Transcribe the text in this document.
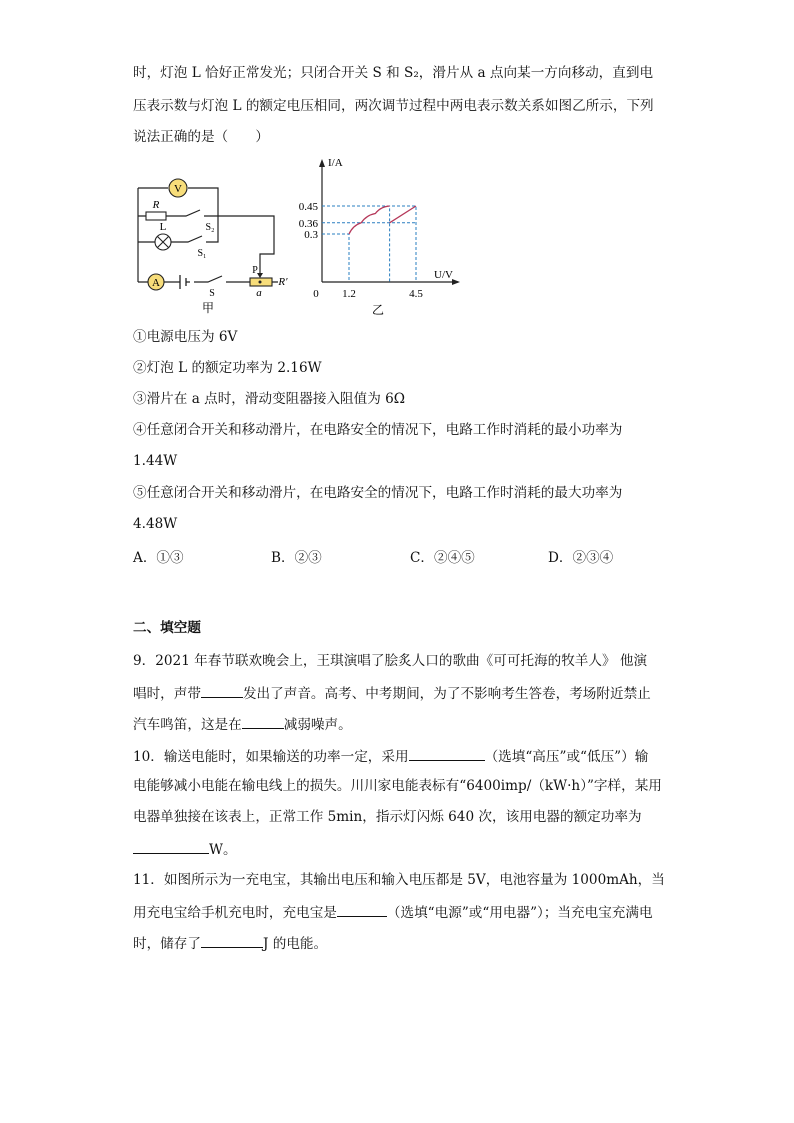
时，灯泡 L 恰好正常发光；只闭合开关 S 和 S₂，滑片从 a 点向某一方向移动，直到电
压表示数与灯泡 L 的额定电压相同，两次调节过程中两电表示数关系如图乙所示，下列
说法正确的是（　　）
V
R
S₂
L
S₁
A
S
P
a
R′
甲
I/A
U/V
0.45
0.36
0.3
0 1.2	4.5
乙
①电源电压为 6V
②灯泡 L 的额定功率为 2.16W
③滑片在 a 点时，滑动变阻器接入阻值为 6Ω
④任意闭合开关和移动滑片，在电路安全的情况下，电路工作时消耗的最小功率为
1.44W
⑤任意闭合开关和移动滑片，在电路安全的情况下，电路工作时消耗的最大功率为
4.48W
A．①③	B．②③	C．②④⑤	D．②③④
二、填空题
9．2021 年春节联欢晚会上，王琪演唱了脍炙人口的歌曲《可可托海的牧羊人》 他演
唱时，声带	发出了声音。高考、中考期间，为了不影响考生答卷，考场附近禁止
汽车鸣笛，这是在	减弱噪声。
10．输送电能时，如果输送的功率一定，采用	（选填“高压”或“低压”）输
电能够减小电能在输电线上的损失。川川家电能表标有“6400imp/（kW·h）”字样，某用
电器单独接在该表上，正常工作 5min，指示灯闪烁 640 次，该用电器的额定功率为
W。
11．如图所示为一充电宝，其输出电压和输入电压都是 5V，电池容量为 1000mAh，当
用充电宝给手机充电时，充电宝是	（选填“电源”或“用电器”）；当充电宝充满电
时，储存了	J 的电能。
